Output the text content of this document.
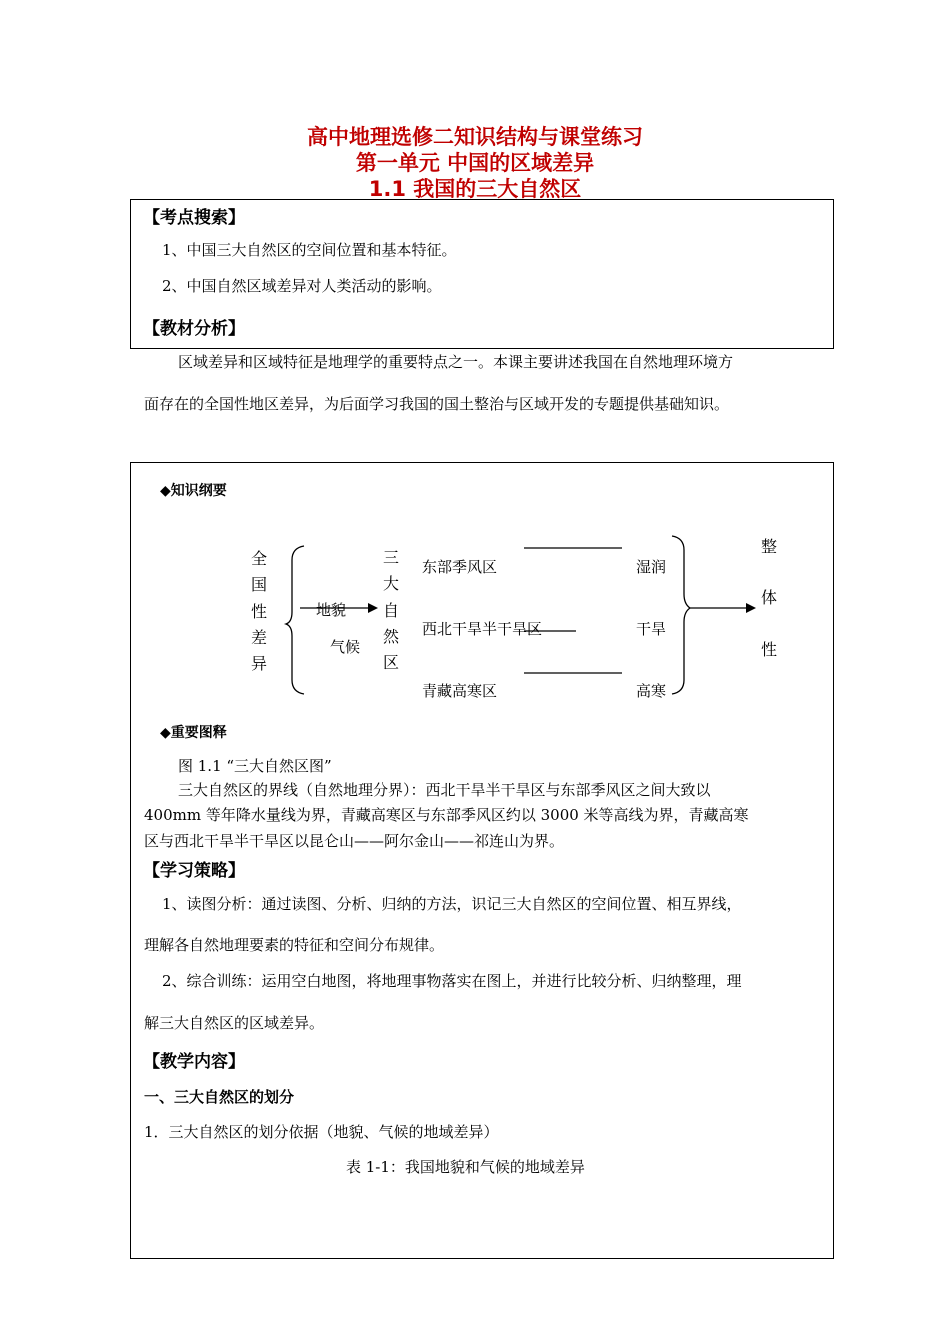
高中地理选修二知识结构与课堂练习
第一单元 中国的区域差异
1.1 我国的三大自然区
【考点搜索】
1、中国三大自然区的空间位置和基本特征。
2、中国自然区域差异对人类活动的影响。
【教材分析】
区域差异和区域特征是地理学的重要特点之一。本课主要讲述我国在自然地理环境方
面存在的全国性地区差异，为后面学习我国的国土整治与区域开发的专题提供基础知识。
◆知识纲要
全
国
性
差
异
地貌
气候
三
大
自
然
区
东部季风区
西北干旱半干旱区
青藏高寒区
湿润
干旱
高寒
整
体
性
◆重要图释
图 1.1 “三大自然区图”
三大自然区的界线（自然地理分界）：西北干旱半干旱区与东部季风区之间大致以
400mm 等年降水量线为界，青藏高寒区与东部季风区约以 3000 米等高线为界，青藏高寒
区与西北干旱半干旱区以昆仑山——阿尔金山——祁连山为界。
【学习策略】
1、读图分析：通过读图、分析、归纳的方法，识记三大自然区的空间位置、相互界线，
理解各自然地理要素的特征和空间分布规律。
2、综合训练：运用空白地图，将地理事物落实在图上，并进行比较分析、归纳整理，理
解三大自然区的区域差异。
【教学内容】
一、三大自然区的划分
1．三大自然区的划分依据（地貌、气候的地域差异）
表 1-1：我国地貌和气候的地域差异
